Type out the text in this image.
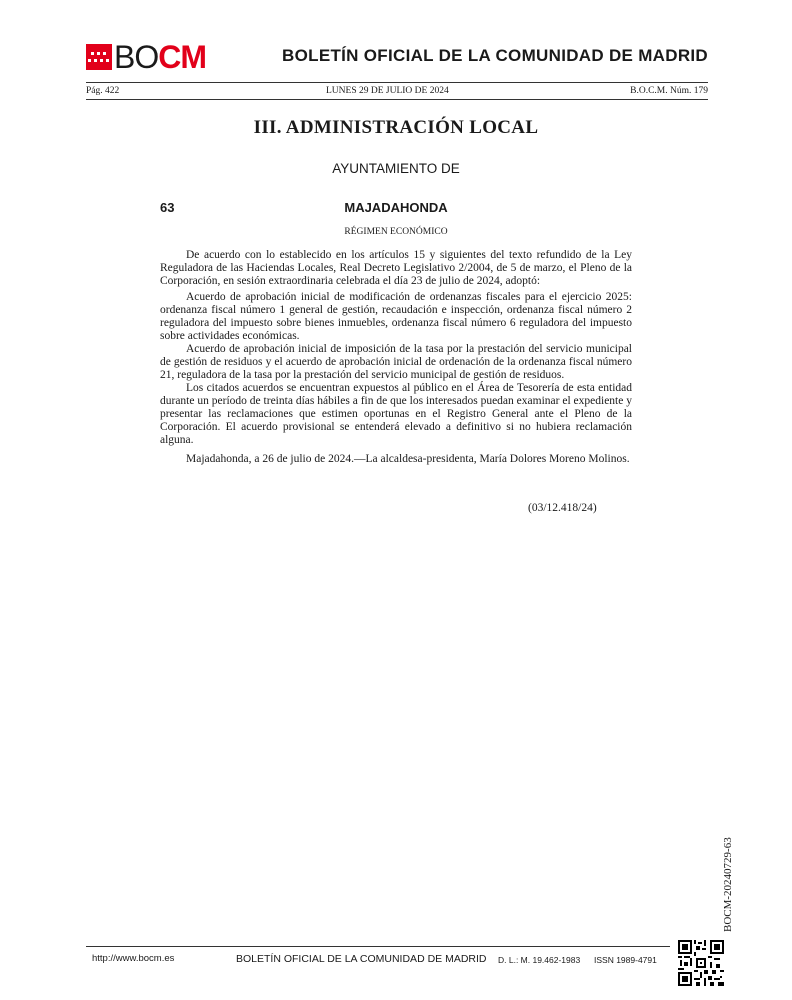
BOCM	BOLETÍN OFICIAL DE LA COMUNIDAD DE MADRID
Pág. 422	LUNES 29 DE JULIO DE 2024	B.O.C.M. Núm. 179
III. ADMINISTRACIÓN LOCAL
AYUNTAMIENTO DE
63	MAJADAHONDA
RÉGIMEN ECONÓMICO

De acuerdo con lo establecido en los artículos 15 y siguientes del texto refundido de la Ley Reguladora de las Haciendas Locales, Real Decreto Legislativo 2/2004, de 5 de marzo, el Pleno de la Corporación, en sesión extraordinaria celebrada el día 23 de julio de 2024, adoptó:

Acuerdo de aprobación inicial de modificación de ordenanzas fiscales para el ejercicio 2025: ordenanza fiscal número 1 general de gestión, recaudación e inspección, ordenanza fiscal número 2 reguladora del impuesto sobre bienes inmuebles, ordenanza fiscal número 6 reguladora del impuesto sobre actividades económicas.

Acuerdo de aprobación inicial de imposición de la tasa por la prestación del servicio municipal de gestión de residuos y el acuerdo de aprobación inicial de ordenación de la ordenanza fiscal número 21, reguladora de la tasa por la prestación del servicio municipal de gestión de residuos.

Los citados acuerdos se encuentran expuestos al público en el Área de Tesorería de esta entidad durante un período de treinta días hábiles a fin de que los interesados puedan examinar el expediente y presentar las reclamaciones que estimen oportunas en el Registro General ante el Pleno de la Corporación. El acuerdo provisional se entenderá elevado a definitivo si no hubiera reclamación alguna.

Majadahonda, a 26 de julio de 2024.—La alcaldesa-presidenta, María Dolores Moreno Molinos.

(03/12.418/24)
BOCM-20240729-63
http://www.bocm.es	BOLETÍN OFICIAL DE LA COMUNIDAD DE MADRID D. L.: M. 19.462-1983 ISSN 1989-4791
